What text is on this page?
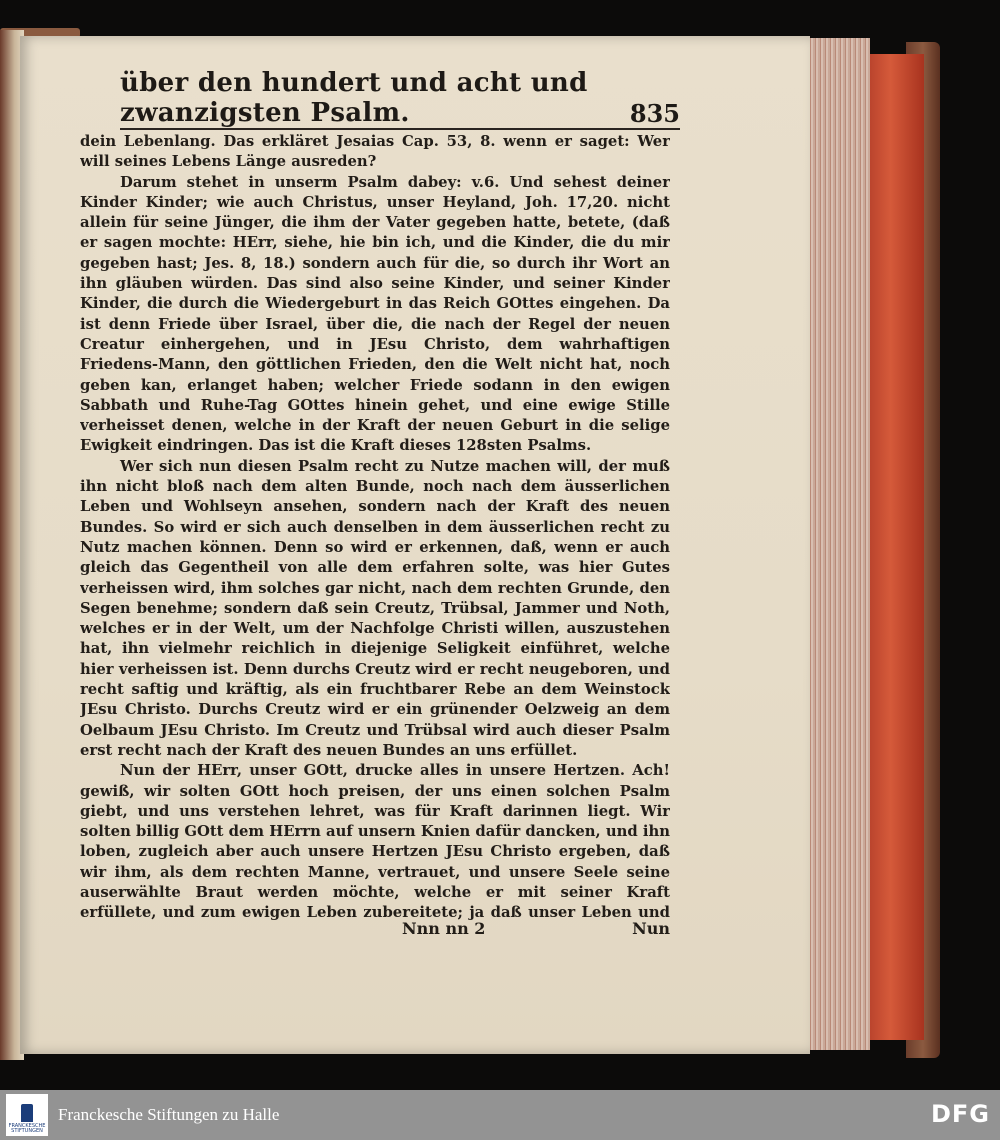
über den hundert und acht und zwanzigsten Psalm.	835

dein Lebenlang. Das erkläret Jesaias Cap. 53, 8. wenn er saget: Wer will seines Lebens Länge ausreden?

Darum stehet in unserm Psalm dabey: v.6. Und sehest deiner Kinder Kinder; wie auch Christus, unser Heyland, Joh. 17,20. nicht allein für seine Jünger, die ihm der Vater gegeben hatte, betete, (daß er sagen mochte: HErr, siehe, hie bin ich, und die Kinder, die du mir gegeben hast; Jes. 8, 18.) sondern auch für die, so durch ihr Wort an ihn gläuben würden. Das sind also seine Kinder, und seiner Kinder Kinder, die durch die Wiedergeburt in das Reich GOttes eingehen. Da ist denn Friede über Israel, über die, die nach der Regel der neuen Creatur einhergehen, und in JEsu Christo, dem wahrhaftigen Friedens-Mann, den göttlichen Frieden, den die Welt nicht hat, noch geben kan, erlanget haben; welcher Friede sodann in den ewigen Sabbath und Ruhe-Tag GOttes hinein gehet, und eine ewige Stille verheisset denen, welche in der Kraft der neuen Geburt in die selige Ewigkeit eindringen. Das ist die Kraft dieses 128sten Psalms.

Wer sich nun diesen Psalm recht zu Nutze machen will, der muß ihn nicht bloß nach dem alten Bunde, noch nach dem äusserlichen Leben und Wohlseyn ansehen, sondern nach der Kraft des neuen Bundes. So wird er sich auch denselben in dem äusserlichen recht zu Nutz machen können. Denn so wird er erkennen, daß, wenn er auch gleich das Gegentheil von alle dem erfahren solte, was hier Gutes verheissen wird, ihm solches gar nicht, nach dem rechten Grunde, den Segen benehme; sondern daß sein Creutz, Trübsal, Jammer und Noth, welches er in der Welt, um der Nachfolge Christi willen, auszustehen hat, ihn vielmehr reichlich in diejenige Seligkeit einführet, welche hier verheissen ist. Denn durchs Creutz wird er recht neugeboren, und recht saftig und kräftig, als ein fruchtbarer Rebe an dem Weinstock JEsu Christo. Durchs Creutz wird er ein grünender Oelzweig an dem Oelbaum JEsu Christo. Im Creutz und Trübsal wird auch dieser Psalm erst recht nach der Kraft des neuen Bundes an uns erfüllet.

Nun der HErr, unser GOtt, drucke alles in unsere Hertzen. Ach! gewiß, wir solten GOtt hoch preisen, der uns einen solchen Psalm giebt, und uns verstehen lehret, was für Kraft darinnen liegt. Wir solten billig GOtt dem HErrn auf unsern Knien dafür dancken, und ihn loben, zugleich aber auch unsere Hertzen JEsu Christo ergeben, daß wir ihm, als dem rechten Manne, vertrauet, und unsere Seele seine auserwählte Braut werden möchte, welche er mit seiner Kraft erfüllete, und zum ewigen Leben zubereitete; ja daß unser Leben und

Nnn nn 2	Nun
FRANCKESCHE STIFTUNGEN
Franckesche Stiftungen zu Halle	DFG
